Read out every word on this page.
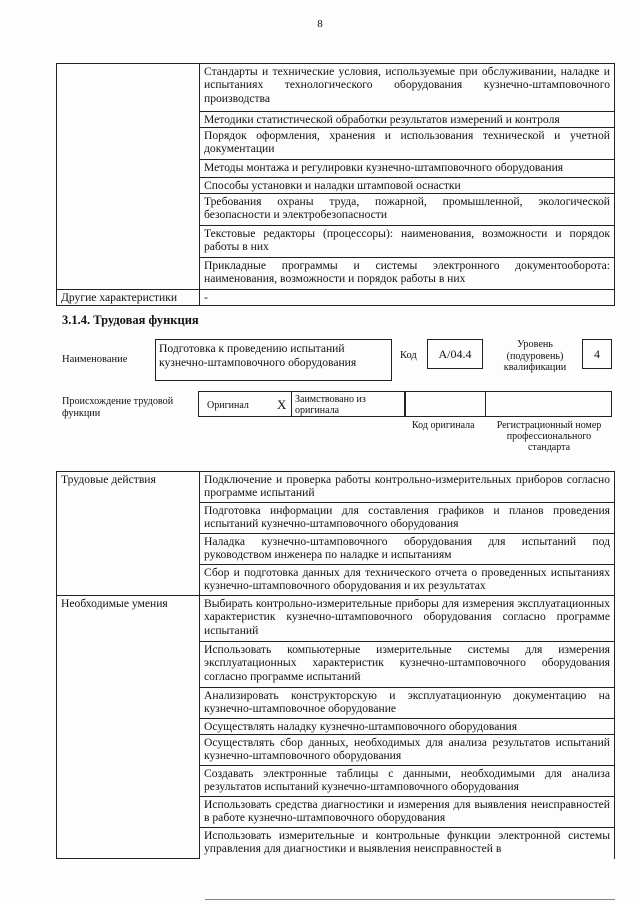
8
	Стандарты и технические условия, используемые при обслуживании, наладке и испытаниях технологического оборудования кузнечно-штамповочного производства
	Методики статистической обработки результатов измерений и контроля
	Порядок оформления, хранения и использования технической и учетной документации
	Методы монтажа и регулировки кузнечно-штамповочного оборудования
	Способы установки и наладки штамповой оснастки
	Требования охраны труда, пожарной, промышленной, экологической безопасности и электробезопасности
	Текстовые редакторы (процессоры): наименования, возможности и порядок работы в них
	Прикладные программы и системы электронного документооборота: наименования, возможности и порядок работы в них
Другие характеристики	-
3.1.4. Трудовая функция
Наименование
Подготовка к проведению испытаний кузнечно-штамповочного оборудования
Код	A/04.4
Уровень (подуровень) квалификации
4
Происхождение трудовой функции
Оригинал X Заимствовано из оригинала
Код оригинала	Регистрационный номер профессионального стандарта
Трудовые действия	Подключение и проверка работы контрольно-измерительных приборов согласно программе испытаний
	Подготовка информации для составления графиков и планов проведения испытаний кузнечно-штамповочного оборудования
	Наладка кузнечно-штамповочного оборудования для испытаний под руководством инженера по наладке и испытаниям
	Сбор и подготовка данных для технического отчета о проведенных испытаниях кузнечно-штамповочного оборудования и их результатах
Необходимые умения	Выбирать контрольно-измерительные приборы для измерения эксплуатационных характеристик кузнечно-штамповочного оборудования согласно программе испытаний
	Использовать компьютерные измерительные системы для измерения эксплуатационных характеристик кузнечно-штамповочного оборудования согласно программе испытаний
	Анализировать конструкторскую и эксплуатационную документацию на кузнечно-штамповочное оборудование
	Осуществлять наладку кузнечно-штамповочного оборудования
	Осуществлять сбор данных, необходимых для анализа результатов испытаний кузнечно-штамповочного оборудования
	Создавать электронные таблицы с данными, необходимыми для анализа результатов испытаний кузнечно-штамповочного оборудования
	Использовать средства диагностики и измерения для выявления неисправностей в работе кузнечно-штамповочного оборудования
	Использовать измерительные и контрольные функции электронной системы управления для диагностики и выявления неисправностей в
